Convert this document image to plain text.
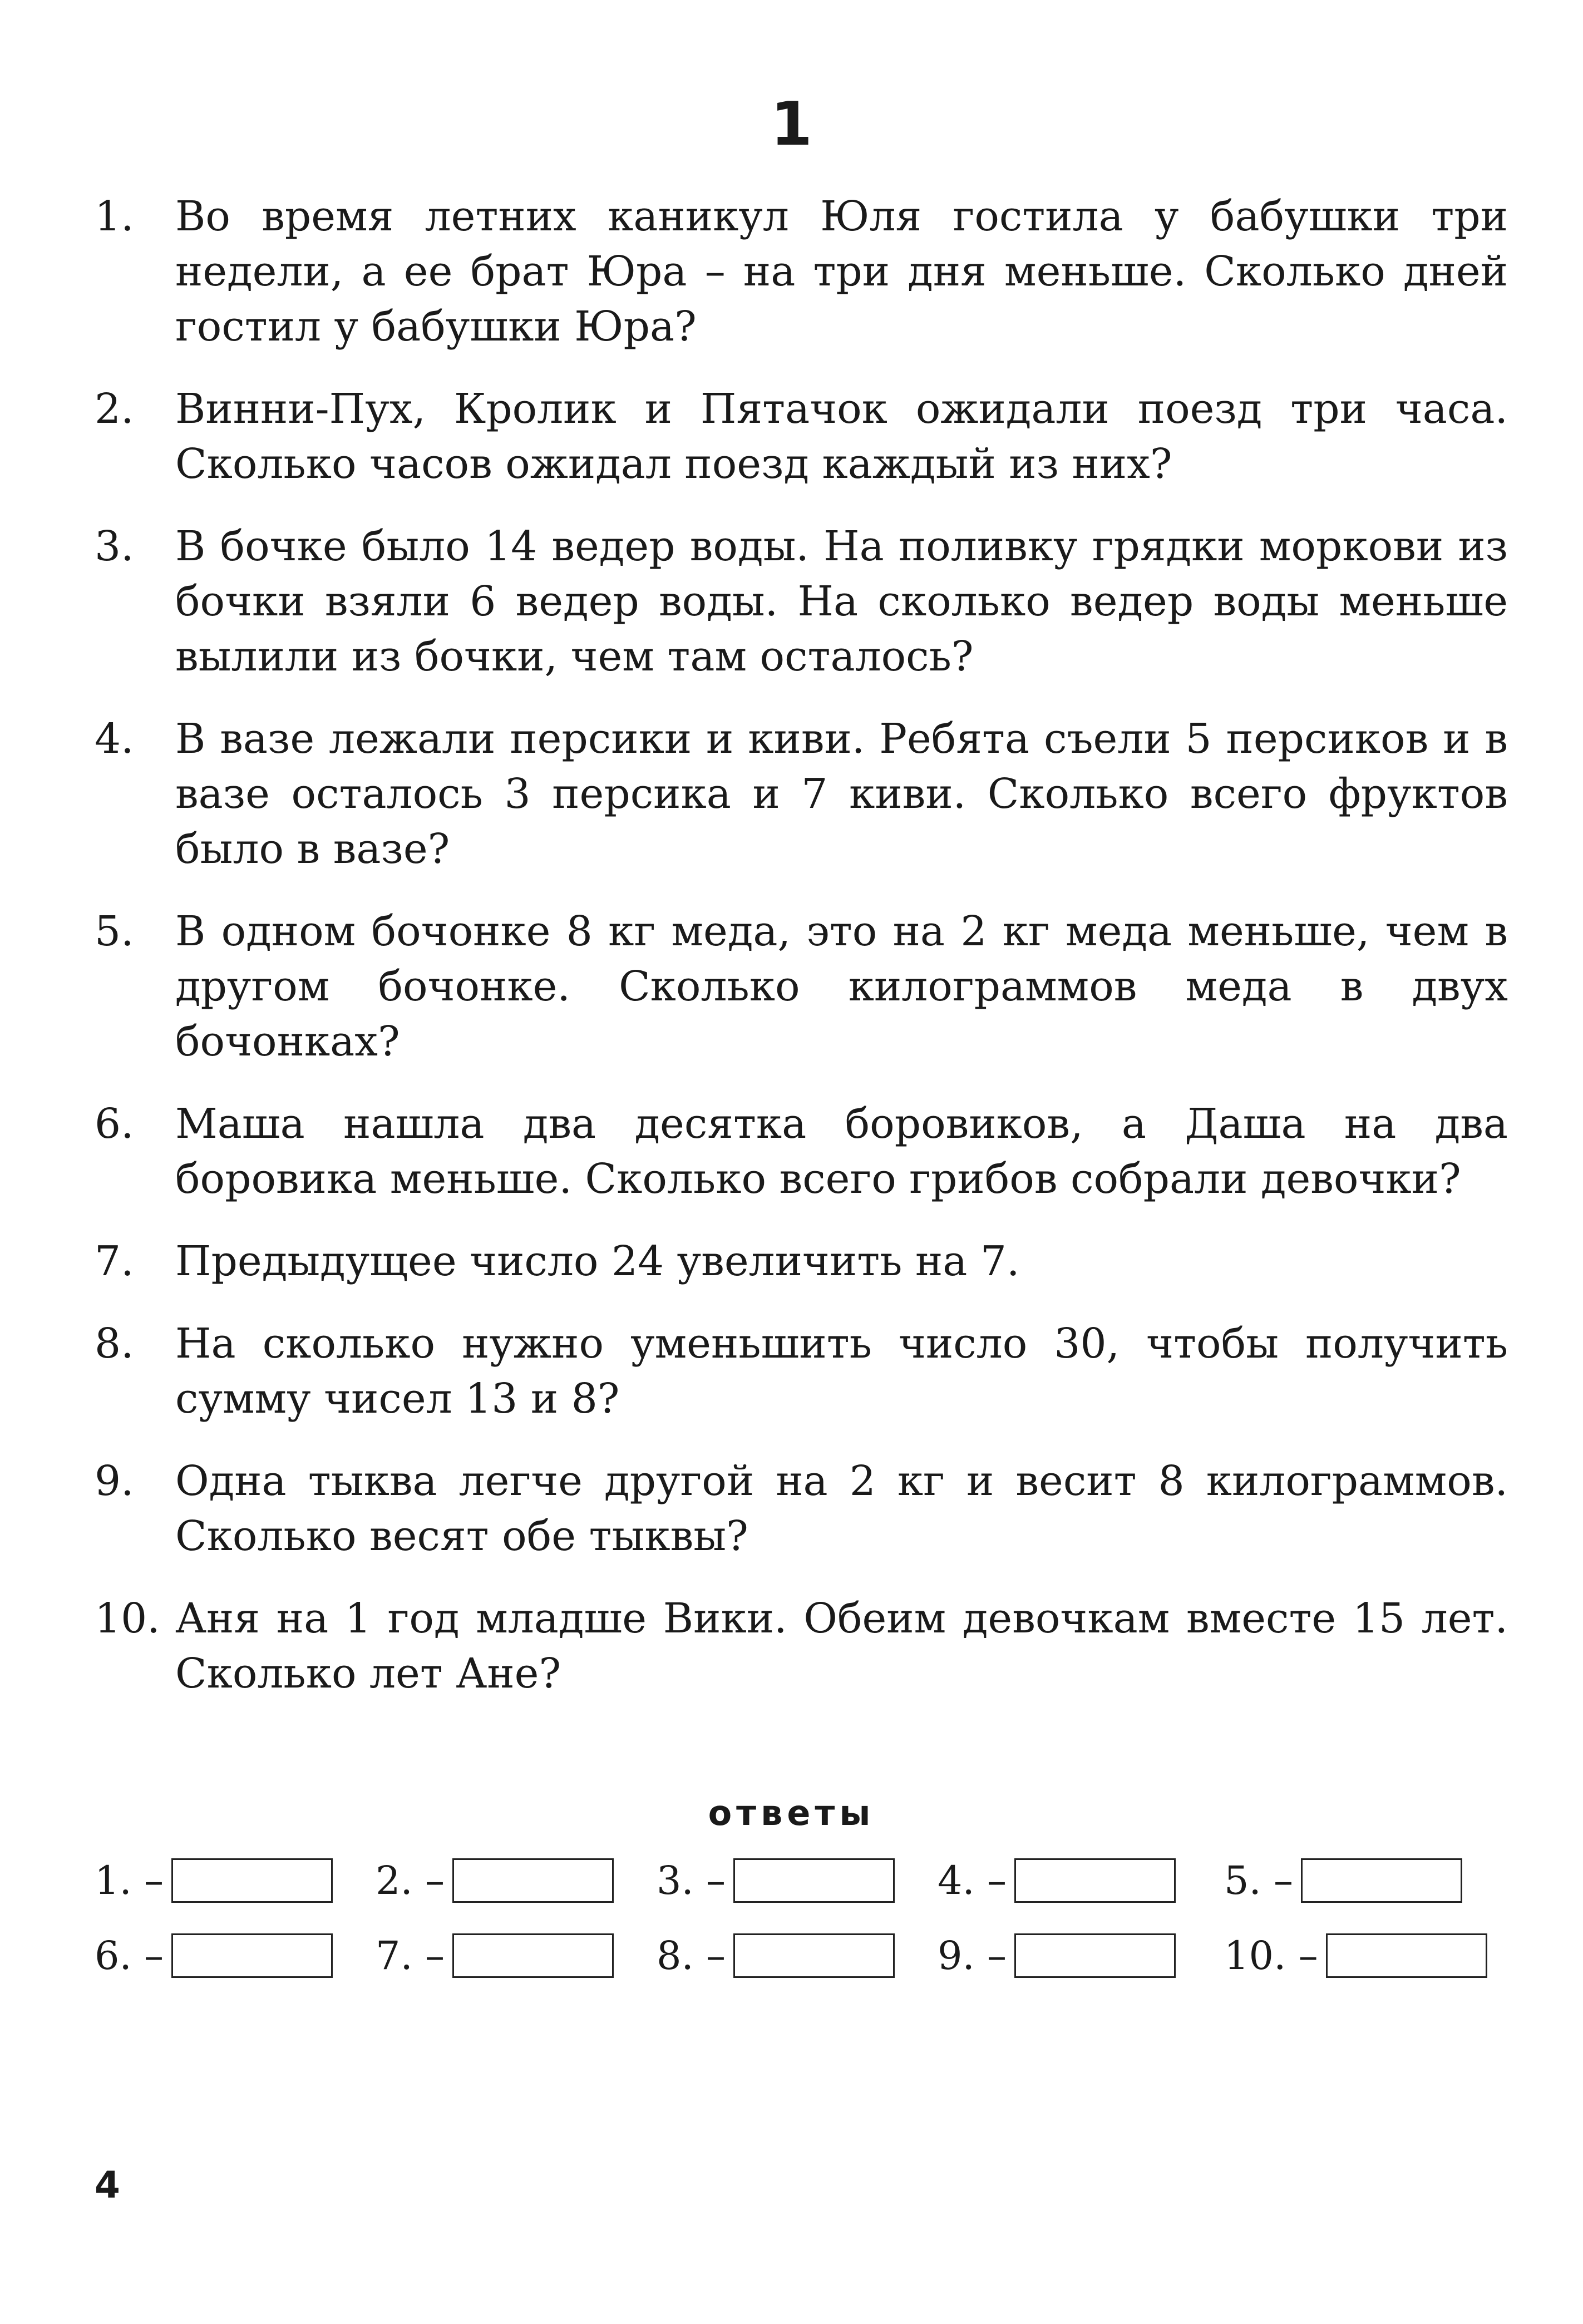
1
1. Во время летних каникул Юля гостила у бабушки три недели, а ее брат Юра – на три дня меньше. Сколько дней гостил у бабушки Юра?
2. Винни-Пух, Кролик и Пятачок ожидали поезд три часа. Сколько часов ожидал поезд каждый из них?
3. В бочке было 14 ведер воды. На поливку грядки моркови из бочки взяли 6 ведер воды. На сколько ведер воды меньше вылили из бочки, чем там осталось?
4. В вазе лежали персики и киви. Ребята съели 5 персиков и в вазе осталось 3 персика и 7 киви. Сколько всего фруктов было в вазе?
5. В одном бочонке 8 кг меда, это на 2 кг меда меньше, чем в другом бочонке. Сколько килограммов меда в двух бочонках?
6. Маша нашла два десятка боровиков, а Даша на два боровика меньше. Сколько всего грибов собрали девочки?
7. Предыдущее число 24 увеличить на 7.
8. На сколько нужно уменьшить число 30, чтобы получить сумму чисел 13 и 8?
9. Одна тыква легче другой на 2 кг и весит 8 килограммов. Сколько весят обе тыквы?
10. Аня на 1 год младше Вики. Обеим девочкам вместе 15 лет. Сколько лет Ане?
ответы
1. –	2. –	3. –	4. –	5. –
6. –	7. –	8. –	9. –	10. –
4
